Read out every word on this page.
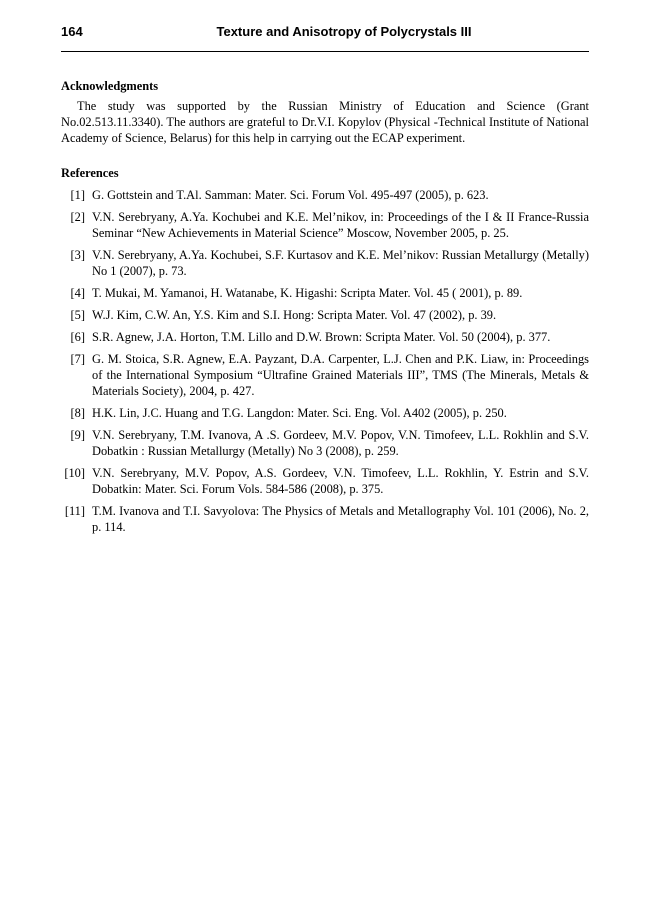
164	Texture and Anisotropy of Polycrystals III
Acknowledgments

The study was supported by the Russian Ministry of Education and Science (Grant No.02.513.11.3340). The authors are grateful to Dr.V.I. Kopylov (Physical -Technical Institute of National Academy of Science, Belarus) for this help in carrying out the ECAP experiment.

References
[1] G. Gottstein and T.Al. Samman: Mater. Sci. Forum Vol. 495-497 (2005), p. 623.
[2] V.N. Serebryany, A.Ya. Kochubei and K.E. Mel’nikov, in: Proceedings of the I & II France-Russia Seminar “New Achievements in Material Science” Moscow, November 2005, p. 25.
[3] V.N. Serebryany, A.Ya. Kochubei, S.F. Kurtasov and K.E. Mel’nikov: Russian Metallurgy (Metally) No 1 (2007), p. 73.
[4] T. Mukai, M. Yamanoi, H. Watanabe, K. Higashi: Scripta Mater. Vol. 45 ( 2001), p. 89.
[5] W.J. Kim, C.W. An, Y.S. Kim and S.I. Hong: Scripta Mater. Vol. 47 (2002), p. 39.
[6] S.R. Agnew, J.A. Horton, T.M. Lillo and D.W. Brown: Scripta Mater. Vol. 50 (2004), p. 377.
[7] G. M. Stoica, S.R. Agnew, E.A. Payzant, D.A. Carpenter, L.J. Chen and P.K. Liaw, in: Proceedings of the International Symposium “Ultrafine Grained Materials III”, TMS (The Minerals, Metals & Materials Society), 2004, p. 427.
[8] H.K. Lin, J.C. Huang and T.G. Langdon: Mater. Sci. Eng. Vol. A402 (2005), p. 250.
[9] V.N. Serebryany, T.M. Ivanova, A .S. Gordeev, M.V. Popov, V.N. Timofeev, L.L. Rokhlin and S.V. Dobatkin : Russian Metallurgy (Metally) No 3 (2008), p. 259.
[10] V.N. Serebryany, M.V. Popov, A.S. Gordeev, V.N. Timofeev, L.L. Rokhlin, Y. Estrin and S.V. Dobatkin: Mater. Sci. Forum Vols. 584-586 (2008), p. 375.
[11] T.M. Ivanova and T.I. Savyolova: The Physics of Metals and Metallography Vol. 101 (2006), No. 2, p. 114.
